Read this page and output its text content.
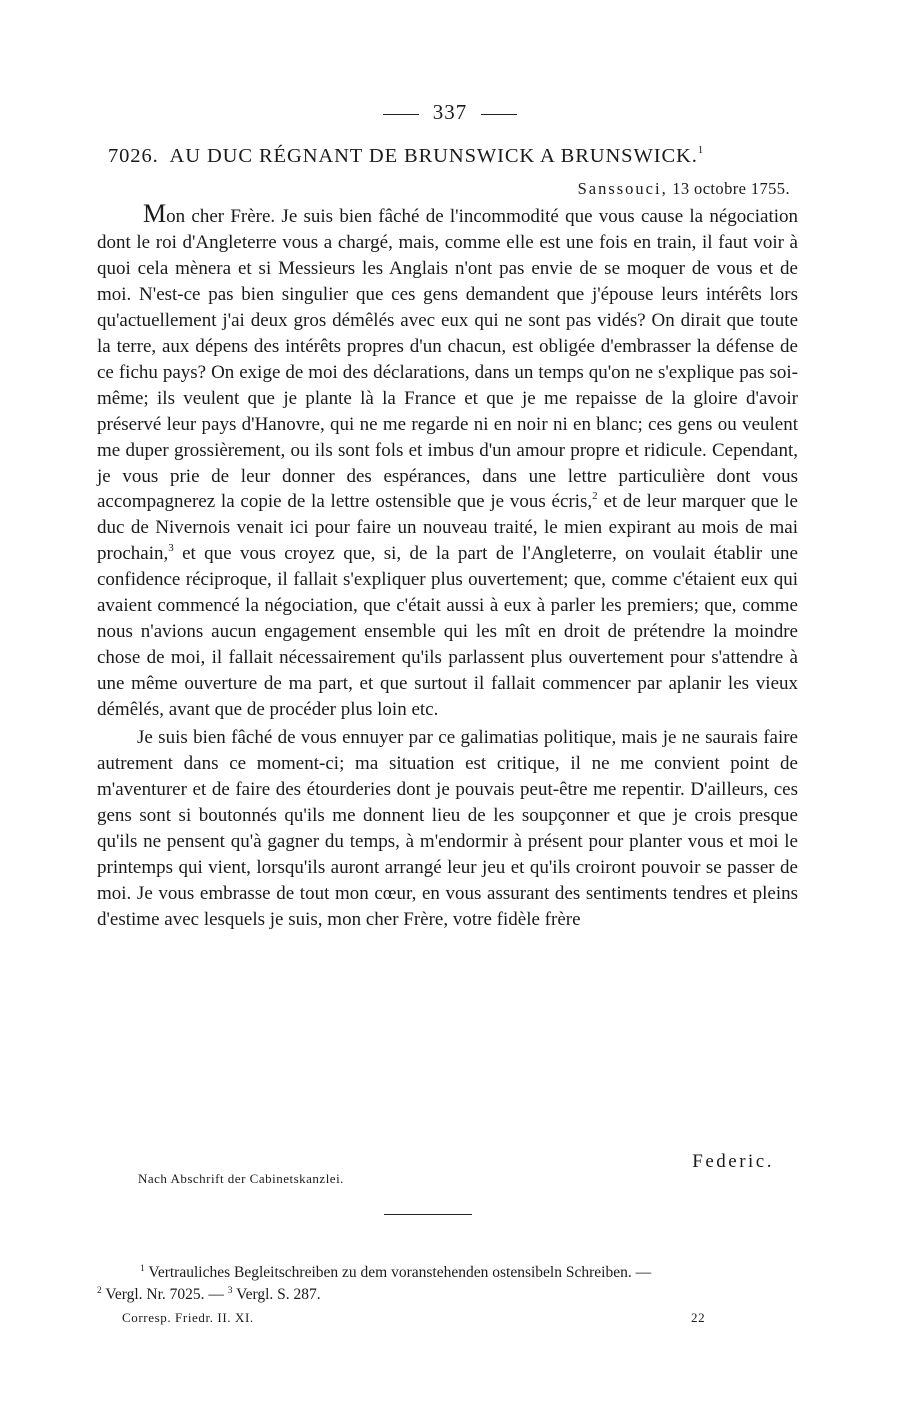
337
7026. AU DUC RÉGNANT DE BRUNSWICK A BRUNSWICK.$^1$
Sanssouci, 13 octobre 1755.

Mon cher Frère. Je suis bien fâché de l'incommodité que vous cause la négociation dont le roi d'Angleterre vous a chargé, mais, comme elle est une fois en train, il faut voir à quoi cela mènera et si Messieurs les Anglais n'ont pas envie de se moquer de vous et de moi. N'est-ce pas bien singulier que ces gens demandent que j'épouse leurs intérêts lors qu'actuellement j'ai deux gros démêlés avec eux qui ne sont pas vidés? On dirait que toute la terre, aux dépens des intérêts propres d'un chacun, est obligée d'embrasser la défense de ce fichu pays? On exige de moi des déclarations, dans un temps qu'on ne s'explique pas soi-même; ils veulent que je plante là la France et que je me repaisse de la gloire d'avoir préservé leur pays d'Hanovre, qui ne me regarde ni en noir ni en blanc; ces gens ou veulent me duper grossièrement, ou ils sont fols et imbus d'un amour propre et ridicule. Cependant, je vous prie de leur donner des espérances, dans une lettre particulière dont vous accompagnerez la copie de la lettre ostensible que je vous écris,$^2$ et de leur marquer que le duc de Nivernois venait ici pour faire un nouveau traité, le mien expirant au mois de mai prochain,$^3$ et que vous croyez que, si, de la part de l'Angleterre, on voulait établir une confidence réciproque, il fallait s'expliquer plus ouvertement; que, comme c'étaient eux qui avaient commencé la négociation, que c'était aussi à eux à parler les premiers; que, comme nous n'avions aucun engagement ensemble qui les mît en droit de prétendre la moindre chose de moi, il fallait nécessairement qu'ils parlassent plus ouvertement pour s'attendre à une même ouverture de ma part, et que surtout il fallait commencer par aplanir les vieux démêlés, avant que de procéder plus loin etc.

Je suis bien fâché de vous ennuyer par ce galimatias politique, mais je ne saurais faire autrement dans ce moment-ci; ma situation est critique, il ne me convient point de m'aventurer et de faire des étourderies dont je pouvais peut-être me repentir. D'ailleurs, ces gens sont si boutonnés qu'ils me donnent lieu de les soupçonner et que je crois presque qu'ils ne pensent qu'à gagner du temps, à m'endormir à présent pour planter vous et moi le printemps qui vient, lorsqu'ils auront arrangé leur jeu et qu'ils croiront pouvoir se passer de moi. Je vous embrasse de tout mon cœur, en vous assurant des sentiments tendres et pleins d'estime avec lesquels je suis, mon cher Frère, votre fidèle frère

Federic.
Nach Abschrift der Cabinetskanzlei.
$^1$ Vertrauliches Begleitschreiben zu dem voranstehenden ostensibeln Schreiben. —
$^2$ Vergl. Nr. 7025. — $^3$ Vergl. S. 287.
Corresp. Friedr. II. XI.	22
